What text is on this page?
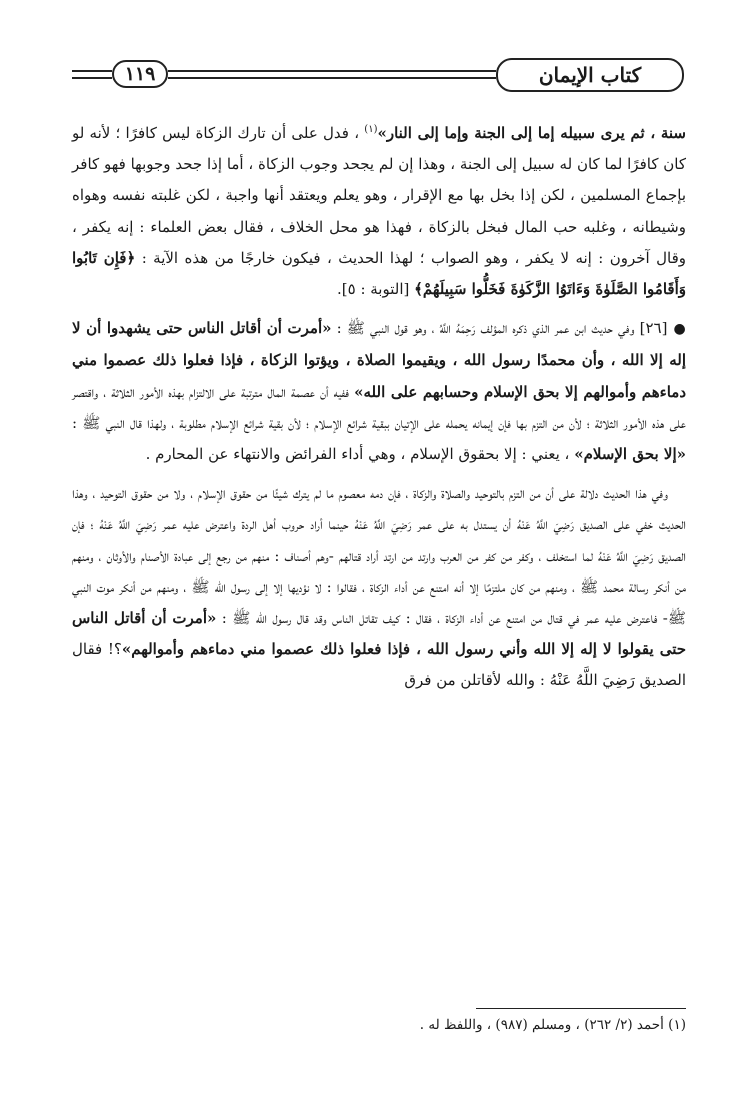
١١٩	كتاب الإيمان

سنة ، ثم يرى سبيله إما إلى الجنة وإما إلى النار»$^{(١)}$ ، فدل على أن تارك الزكاة ليس كافرًا ؛ لأنه لو كان كافرًا لما كان له سبيل إلى الجنة ، وهذا إن لم يجحد وجوب الزكاة ، أما إذا جحد وجوبها فهو كافر بإجماع المسلمين ، لكن إذا بخل بها مع الإقرار ، وهو يعلم ويعتقد أنها واجبة ، لكن غلبته نفسه وهواه وشيطانه ، وغلبه حب المال فبخل بالزكاة ، فهذا هو محل الخلاف ، فقال بعض العلماء : إنه يكفر ، وقال آخرون : إنه لا يكفر ، وهو الصواب ؛ لهذا الحديث ، فيكون خارجًا من هذه الآية : ﴿فَإِن تَابُوا وَأَقَامُوا الصَّلَوٰةَ وَءَاتَوُا الزَّكَوٰةَ فَخَلُّوا سَبِيلَهُمْ﴾ [التوبة : ٥].

●[٢٦] وفي حديث ابن عمر الذي ذكره المؤلف رَحِمَهُ اللَّهُ ، وهو قول النبي ﷺ : «أمرت أن أقاتل الناس حتى يشهدوا أن لا إله إلا الله ، وأن محمدًا رسول الله ، ويقيموا الصلاة ، ويؤتوا الزكاة ، فإذا فعلوا ذلك عصموا مني دماءهم وأموالهم إلا بحق الإسلام وحسابهم على الله» ففيه أن عصمة المال مترتبة على الالتزام بهذه الأمور الثلاثة ، واقتصر على هذه الأمور الثلاثة ؛ لأن من التزم بها فإن إيمانه يحمله على الإتيان ببقية شرائع الإسلام ؛ لأن بقية شرائع الإسلام مطلوبة ، ولهذا قال النبي ﷺ : «إلا بحق الإسلام» ، يعني : إلا بحقوق الإسلام ، وهي أداء الفرائض والانتهاء عن المحارم .

وفي هذا الحديث دلالة على أن من التزم بالتوحيد والصلاة والزكاة ، فإن دمه معصوم ما لم يترك شيئًا من حقوق الإسلام ، ولا من حقوق التوحيد ، وهذا الحديث خفي على الصديق رَضِيَ اللَّهُ عَنْهُ أن يستدل به على عمر رَضِيَ اللَّهُ عَنْهُ حينما أراد حروب أهل الردة واعترض عليه عمر رَضِيَ اللَّهُ عَنْهُ ؛ فإن الصديق رَضِيَ اللَّهُ عَنْهُ لما استخلف ، وكفر من كفر من العرب وارتد من ارتد أراد قتالهم -وهم أصناف : منهم من رجع إلى عبادة الأصنام والأوثان ، ومنهم من أنكر رسالة محمد ﷺ ، ومنهم من كان ملتزمًا إلا أنه امتنع عن أداء الزكاة ، فقالوا : لا نؤديها إلا إلى رسول الله ﷺ ، ومنهم من أنكر موت النبي ﷺ- فاعترض عليه عمر في قتال من امتنع عن أداء الزكاة ، فقال : كيف تقاتل الناس وقد قال رسول الله ﷺ : «أمرت أن أقاتل الناس حتى يقولوا لا إله إلا الله وأني رسول الله ، فإذا فعلوا ذلك عصموا مني دماءهم وأموالهم»؟! فقال الصديق رَضِيَ اللَّهُ عَنْهُ : والله لأقاتلن من فرق

(١) أحمد (٢/ ٢٦٢) ، ومسلم (٩٨٧) ، واللفظ له .
